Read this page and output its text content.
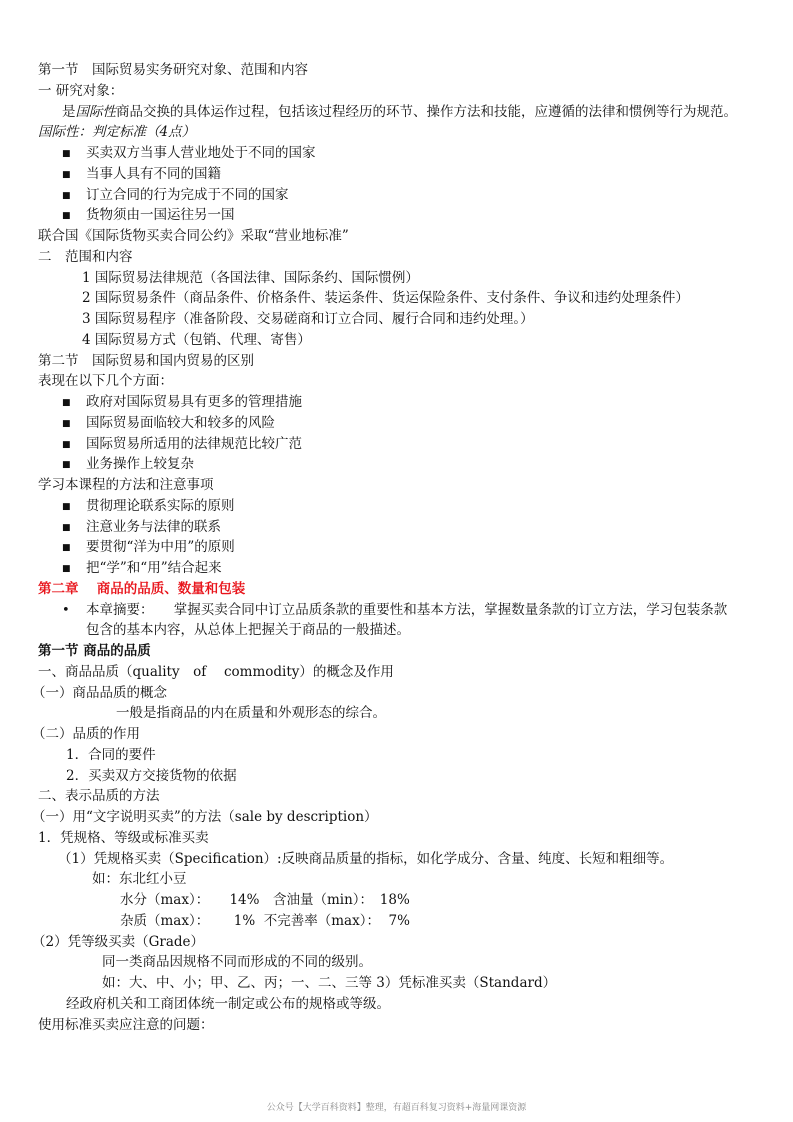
第一节　国际贸易实务研究对象、范围和内容
一 研究对象：
是国际性商品交换的具体运作过程，包括该过程经历的环节、操作方法和技能，应遵循的法律和惯例等行为规范。
国际性：判定标准（4点）
■ 买卖双方当事人营业地处于不同的国家
■ 当事人具有不同的国籍
■ 订立合同的行为完成于不同的国家
■ 货物须由一国运往另一国
联合国《国际货物买卖合同公约》采取“营业地标准”
二　范围和内容
1 国际贸易法律规范（各国法律、国际条约、国际惯例）
2 国际贸易条件（商品条件、价格条件、装运条件、货运保险条件、支付条件、争议和违约处理条件）
3 国际贸易程序（准备阶段、交易磋商和订立合同、履行合同和违约处理。）
4 国际贸易方式（包销、代理、寄售）
第二节　国际贸易和国内贸易的区别
表现在以下几个方面：
■ 政府对国际贸易具有更多的管理措施
■ 国际贸易面临较大和较多的风险
■ 国际贸易所适用的法律规范比较广范
■ 业务操作上较复杂
学习本课程的方法和注意事项
■ 贯彻理论联系实际的原则
■ 注意业务与法律的联系
■ 要贯彻“洋为中用”的原则
■ 把“学”和“用”结合起来
第二章　 商品的品质、数量和包装
• 本章摘要：　　掌握买卖合同中订立品质条款的重要性和基本方法，掌握数量条款的订立方法，学习包装条款
包含的基本内容，从总体上把握关于商品的一般描述。
第一节 商品的品质
一、商品品质（quality　of　 commodity）的概念及作用
（一）商品品质的概念
一般是指商品的内在质量和外观形态的综合。
（二）品质的作用
1．合同的要件
2．买卖双方交接货物的依据
二、表示品质的方法
（一）用“文字说明买卖”的方法（sale by description）
1．凭规格、等级或标准买卖
（1）凭规格买卖（Specification）:反映商品质量的指标，如化学成分、含量、纯度、长短和粗细等。
如：东北红小豆
水分（max）：　　14%　含油量（min）：　18%
杂质（max）：　　 1%  不完善率（max）：  7%
（2）凭等级买卖（Grade）
同一类商品因规格不同而形成的不同的级别。
如：大、中、小；甲、乙、丙；一、二、三等 3）凭标准买卖（Standard）
经政府机关和工商团体统一制定或公布的规格或等级。
使用标准买卖应注意的问题：
公众号【大学百科资料】整理，有超百科复习资料+海量网课资源
